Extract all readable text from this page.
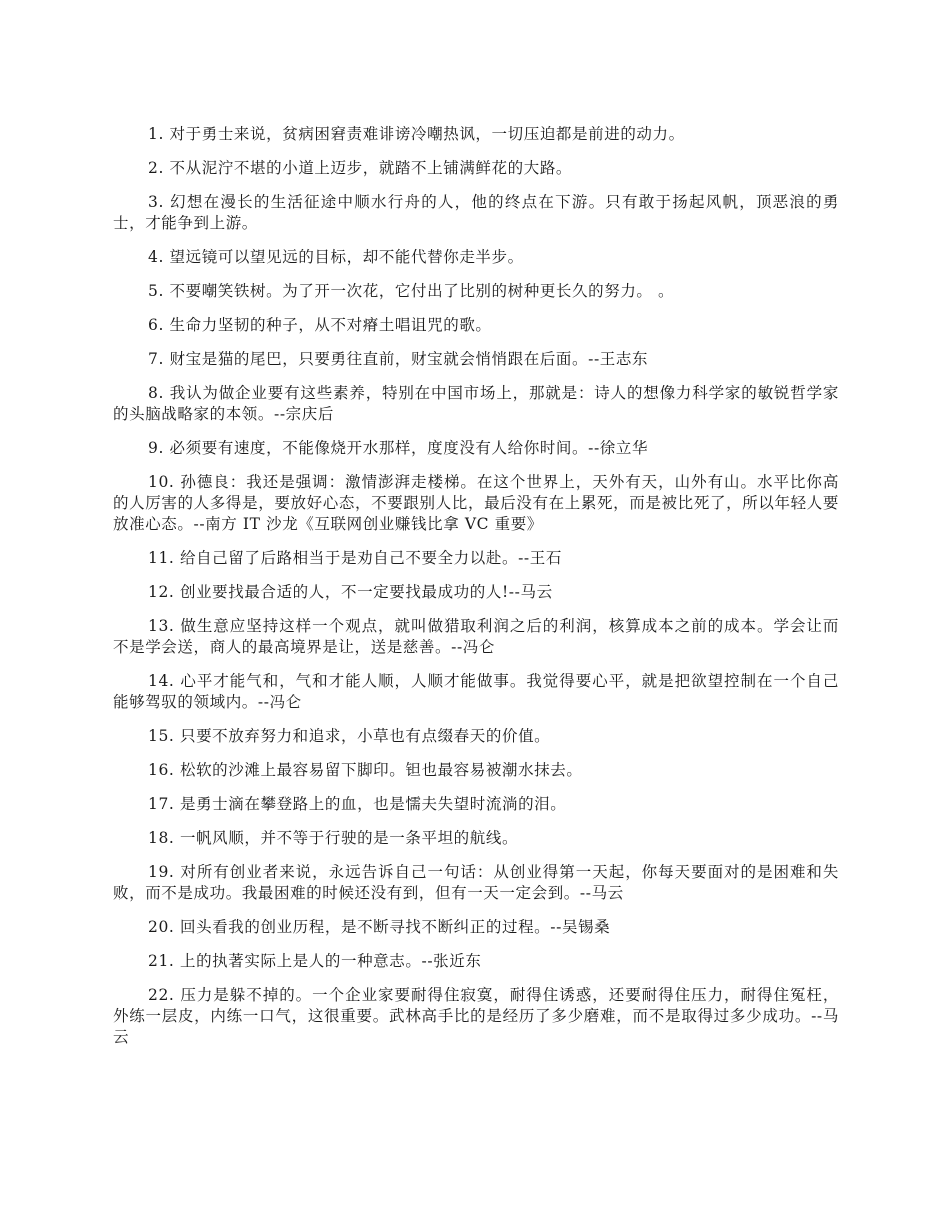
1. 对于勇士来说，贫病困窘责难诽谤冷嘲热讽，一切压迫都是前进的动力。

2. 不从泥泞不堪的小道上迈步，就踏不上铺满鲜花的大路。

3. 幻想在漫长的生活征途中顺水行舟的人，他的终点在下游。只有敢于扬起风帆，顶恶浪的勇士，才能争到上游。

4. 望远镜可以望见远的目标，却不能代替你走半步。

5. 不要嘲笑铁树。为了开一次花，它付出了比别的树种更长久的努力。 。

6. 生命力坚韧的种子，从不对瘠土唱诅咒的歌。

7. 财宝是猫的尾巴，只要勇往直前，财宝就会悄悄跟在后面。--王志东

8. 我认为做企业要有这些素养，特别在中国市场上，那就是：诗人的想像力科学家的敏锐哲学家的头脑战略家的本领。--宗庆后

9. 必须要有速度，不能像烧开水那样，度度没有人给你时间。--徐立华

10. 孙德良：我还是强调：激情澎湃走楼梯。在这个世界上，天外有天，山外有山。水平比你高的人厉害的人多得是，要放好心态，不要跟别人比，最后没有在上累死，而是被比死了，所以年轻人要放准心态。--南方 IT 沙龙《互联网创业赚钱比拿 VC 重要》

11. 给自己留了后路相当于是劝自己不要全力以赴。--王石

12. 创业要找最合适的人，不一定要找最成功的人!--马云

13. 做生意应坚持这样一个观点，就叫做猎取利润之后的利润，核算成本之前的成本。学会让而不是学会送，商人的最高境界是让，送是慈善。--冯仑

14. 心平才能气和，气和才能人顺，人顺才能做事。我觉得要心平，就是把欲望控制在一个自己能够驾驭的领域内。--冯仑

15. 只要不放弃努力和追求，小草也有点缀春天的价值。

16. 松软的沙滩上最容易留下脚印。钽也最容易被潮水抹去。

17. 是勇士滴在攀登路上的血，也是懦夫失望时流淌的泪。

18. 一帆风顺，并不等于行驶的是一条平坦的航线。

19. 对所有创业者来说，永远告诉自己一句话：从创业得第一天起，你每天要面对的是困难和失败，而不是成功。我最困难的时候还没有到，但有一天一定会到。--马云

20. 回头看我的创业历程，是不断寻找不断纠正的过程。--吴锡桑

21. 上的执著实际上是人的一种意志。--张近东

22. 压力是躲不掉的。一个企业家要耐得住寂寞，耐得住诱惑，还要耐得住压力，耐得住冤枉，外练一层皮，内练一口气，这很重要。武林高手比的是经历了多少磨难，而不是取得过多少成功。--马云
